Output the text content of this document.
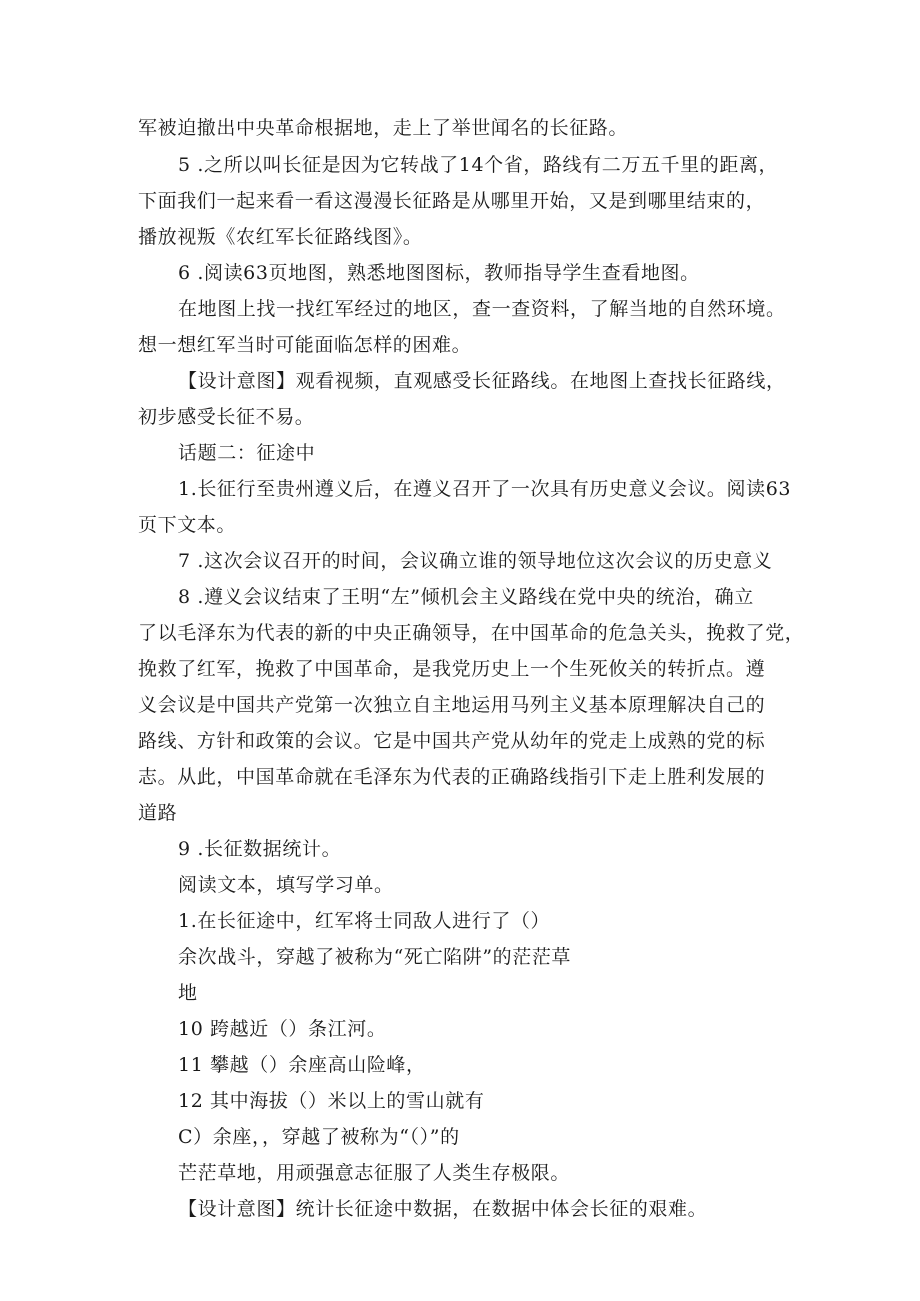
军被迫撤出中央革命根据地，走上了举世闻名的长征路。
5 .之所以叫长征是因为它转战了14个省，路线有二万五千里的距离，
下面我们一起来看一看这漫漫长征路是从哪里开始，又是到哪里结束的，
播放视叛《农红军长征路线图》。
6 .阅读63页地图，熟悉地图图标，教师指导学生查看地图。
在地图上找一找红军经过的地区，查一查资料，了解当地的自然环境。
想一想红军当时可能面临怎样的困难。
【设计意图】观看视频，直观感受长征路线。在地图上查找长征路线，
初步感受长征不易。
话题二：征途中
1.长征行至贵州遵义后，在遵义召开了一次具有历史意义会议。阅读63
页下文本。
7 .这次会议召开的时间，会议确立谁的领导地位这次会议的历史意义
8 .遵义会议结束了王明“左”倾机会主义路线在党中央的统治，确立
了以毛泽东为代表的新的中央正确领导，在中国革命的危急关头，挽救了党，
挽救了红军，挽救了中国革命，是我党历史上一个生死攸关的转折点。遵
义会议是中国共产党第一次独立自主地运用马列主义基本原理解决自己的
路线、方针和政策的会议。它是中国共产党从幼年的党走上成熟的党的标
志。从此，中国革命就在毛泽东为代表的正确路线指引下走上胜利发展的
道路
9 .长征数据统计。
阅读文本，填写学习单。
1.在长征途中，红军将士同敌人进行了（）
余次战斗，穿越了被称为“死亡陷阱”的茫茫草
地
10 跨越近（）条江河。
11 攀越（）余座高山险峰，
12 其中海拔（）米以上的雪山就有
C）余座，，穿越了被称为“（）”的
芒茫草地，用顽强意志征服了人类生存极限。
【设计意图】统计长征途中数据，在数据中体会长征的艰难。
